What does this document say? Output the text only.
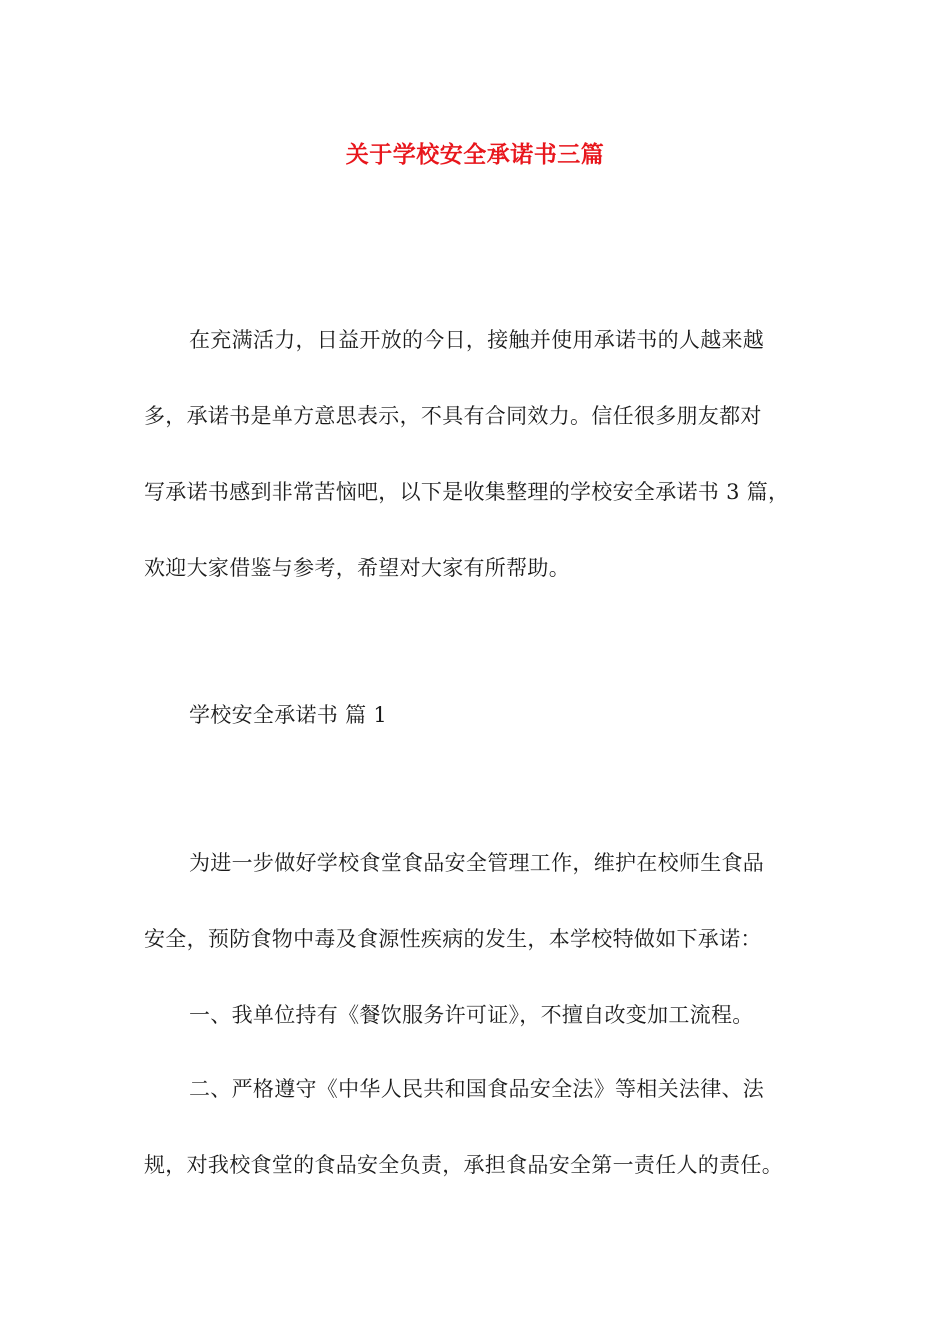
关于学校安全承诺书三篇
在充满活力，日益开放的今日，接触并使用承诺书的人越来越
多，承诺书是单方意思表示，不具有合同效力。信任很多朋友都对
写承诺书感到非常苦恼吧，以下是收集整理的学校安全承诺书 3 篇，
欢迎大家借鉴与参考，希望对大家有所帮助。
学校安全承诺书 篇 1
为进一步做好学校食堂食品安全管理工作，维护在校师生食品
安全，预防食物中毒及食源性疾病的发生，本学校特做如下承诺：
一、我单位持有《餐饮服务许可证》，不擅自改变加工流程。
二、严格遵守《中华人民共和国食品安全法》等相关法律、法
规，对我校食堂的食品安全负责，承担食品安全第一责任人的责任。
